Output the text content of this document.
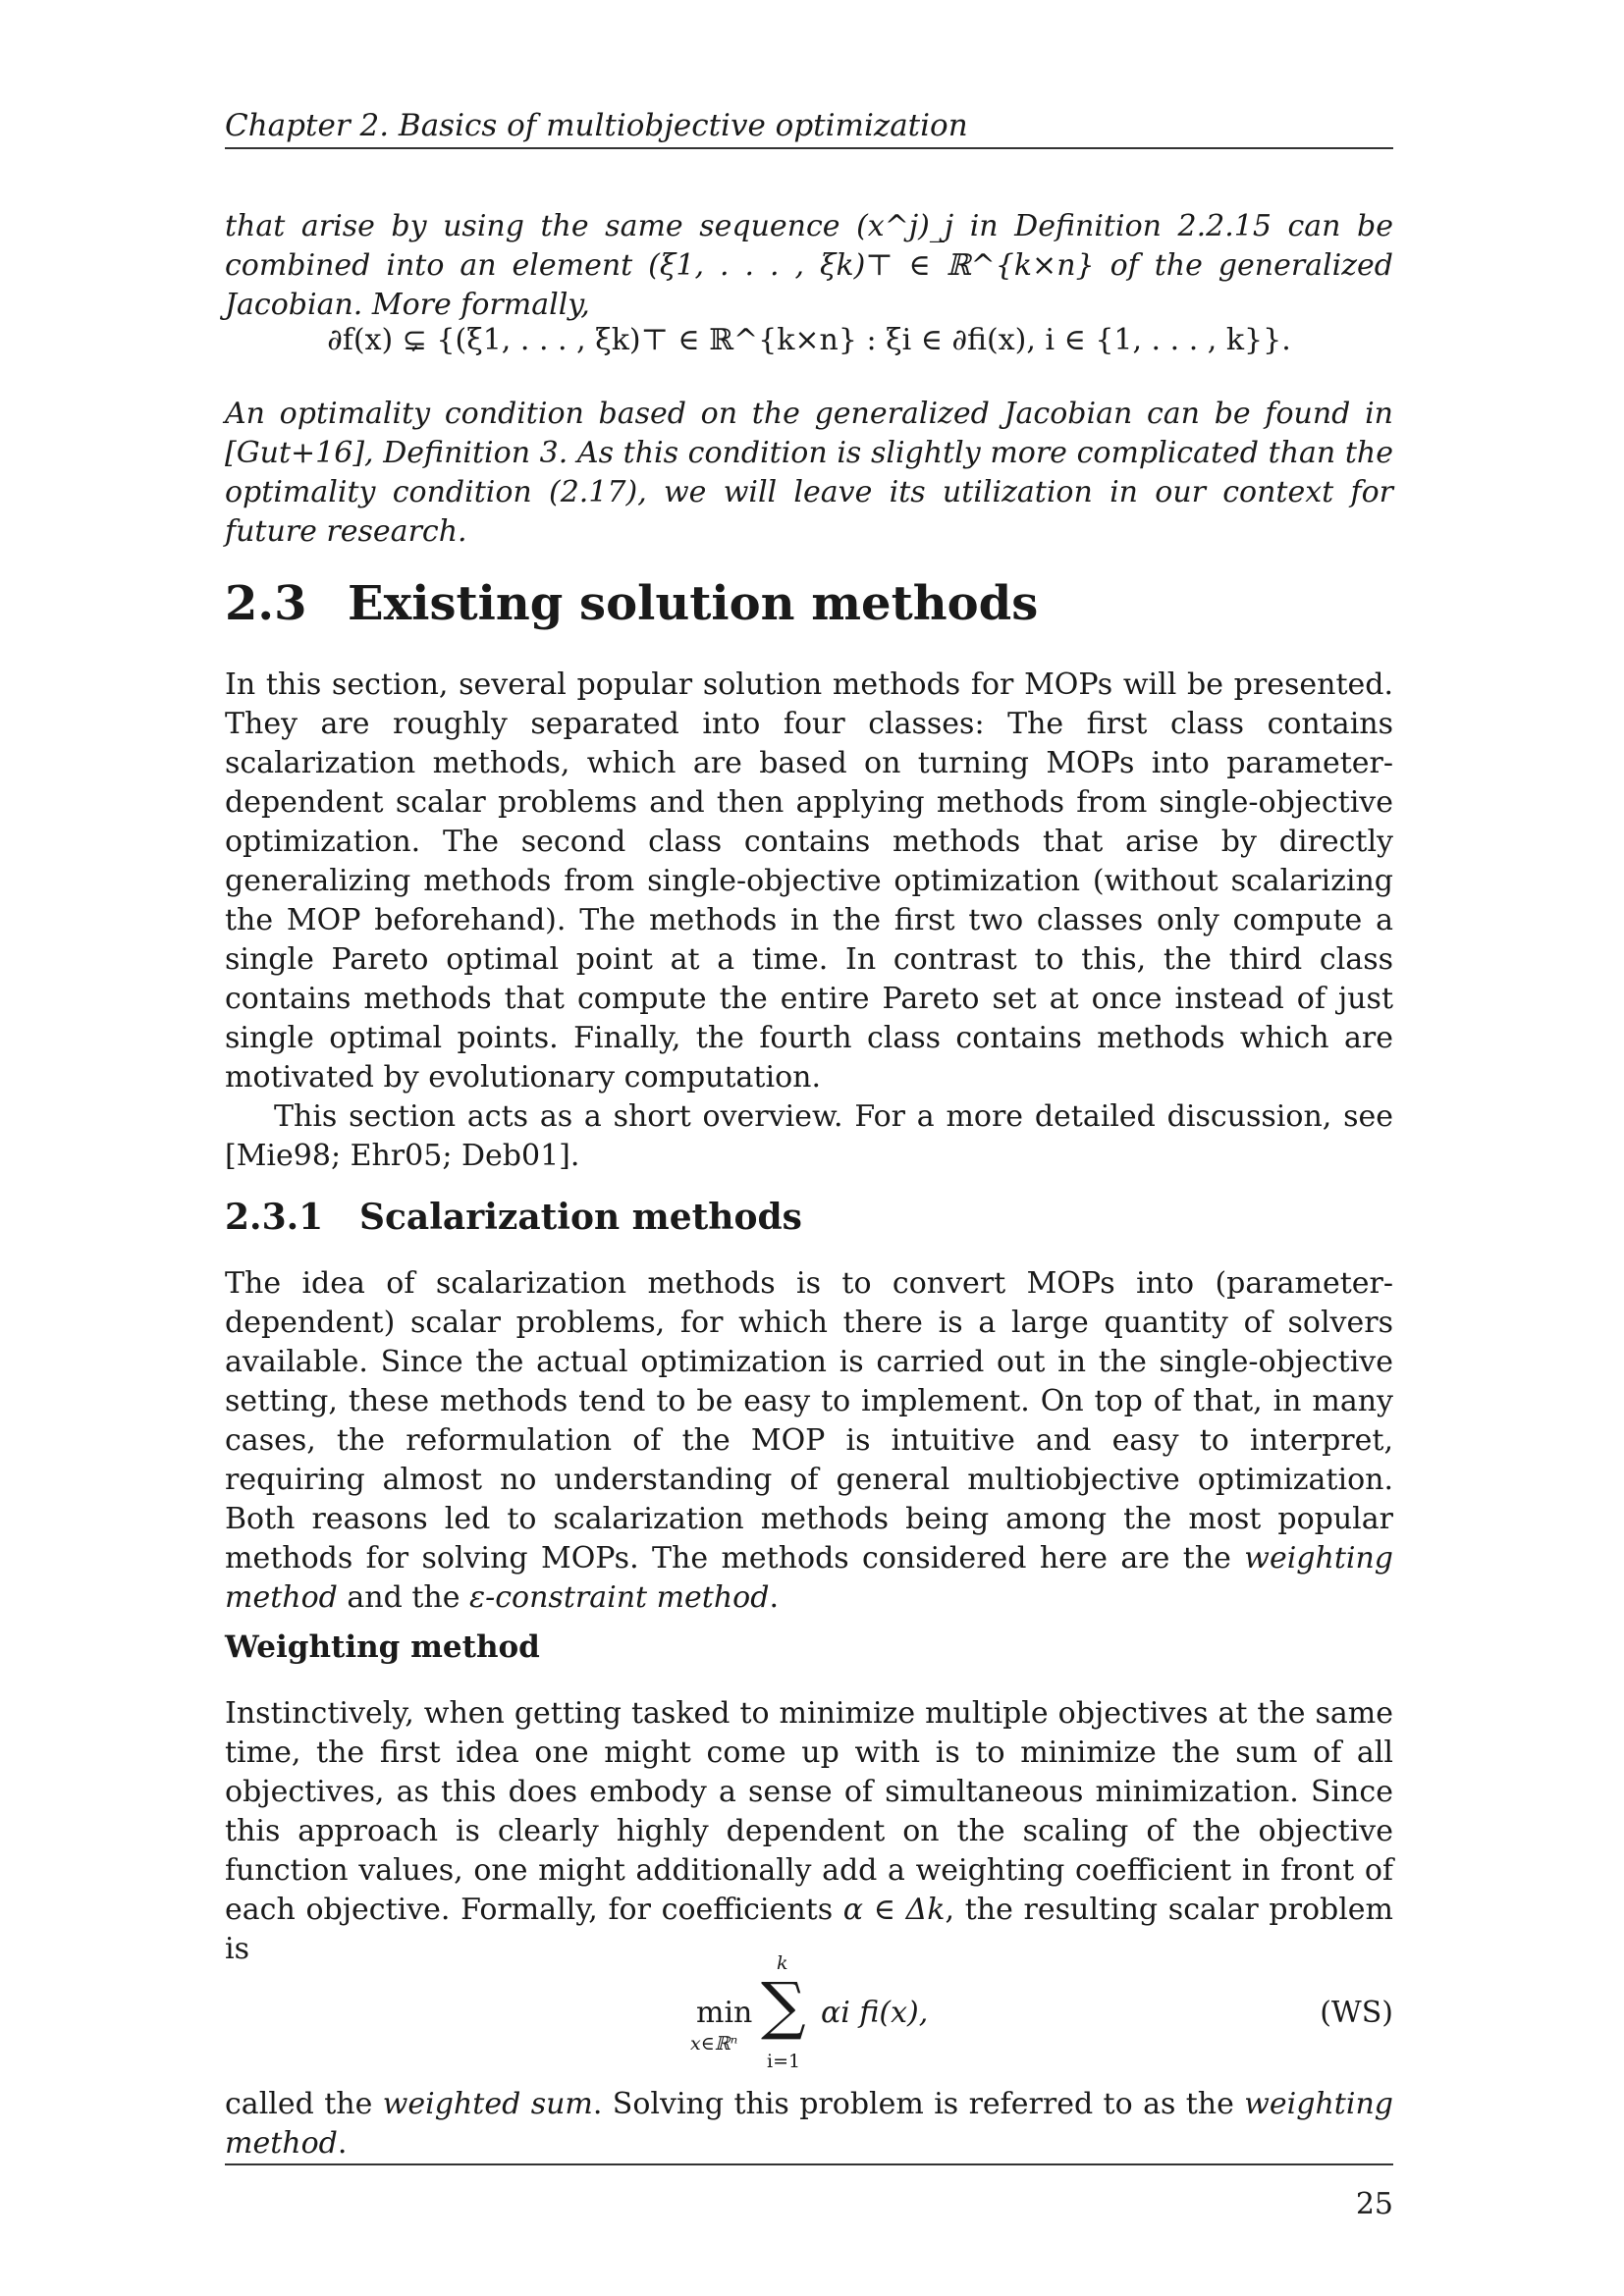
Chapter 2. Basics of multiobjective optimization

that arise by using the same sequence (x^j)_j in Definition 2.2.15 can be combined into an element (ξ1, . . . , ξk)⊤ ∈ ℝ^{k×n} of the generalized Jacobian. More formally,

∂f(x) ⊊ {(ξ1, . . . , ξk)⊤ ∈ ℝ^{k×n} : ξi ∈ ∂fi(x), i ∈ {1, . . . , k}}.

An optimality condition based on the generalized Jacobian can be found in [Gut+16], Definition 3. As this condition is slightly more complicated than the optimality condition (2.17), we will leave its utilization in our context for future research.

2.3 Existing solution methods

In this section, several popular solution methods for MOPs will be presented. They are roughly separated into four classes: The first class contains scalarization methods, which are based on turning MOPs into parameter-dependent scalar problems and then applying methods from single-objective optimization. The second class contains methods that arise by directly generalizing methods from single-objective optimization (without scalarizing the MOP beforehand). The methods in the first two classes only compute a single Pareto optimal point at a time. In contrast to this, the third class contains methods that compute the entire Pareto set at once instead of just single optimal points. Finally, the fourth class contains methods which are motivated by evolutionary computation.

This section acts as a short overview. For a more detailed discussion, see [Mie98; Ehr05; Deb01].

2.3.1 Scalarization methods

The idea of scalarization methods is to convert MOPs into (parameter-dependent) scalar problems, for which there is a large quantity of solvers available. Since the actual optimization is carried out in the single-objective setting, these methods tend to be easy to implement. On top of that, in many cases, the reformulation of the MOP is intuitive and easy to interpret, requiring almost no understanding of general multiobjective optimization. Both reasons led to scalarization methods being among the most popular methods for solving MOPs. The methods considered here are the weighting method and the ε-constraint method.

Weighting method

Instinctively, when getting tasked to minimize multiple objectives at the same time, the first idea one might come up with is to minimize the sum of all objectives, as this does embody a sense of simultaneous minimization. Since this approach is clearly highly dependent on the scaling of the objective function values, one might additionally add a weighting coefficient in front of each objective. Formally, for coefficients α ∈ Δk, the resulting scalar problem is

min
x∈ℝⁿ
k
∑
i=1
αi fi(x),	(WS)

called the weighted sum. Solving this problem is referred to as the weighting method.

25
